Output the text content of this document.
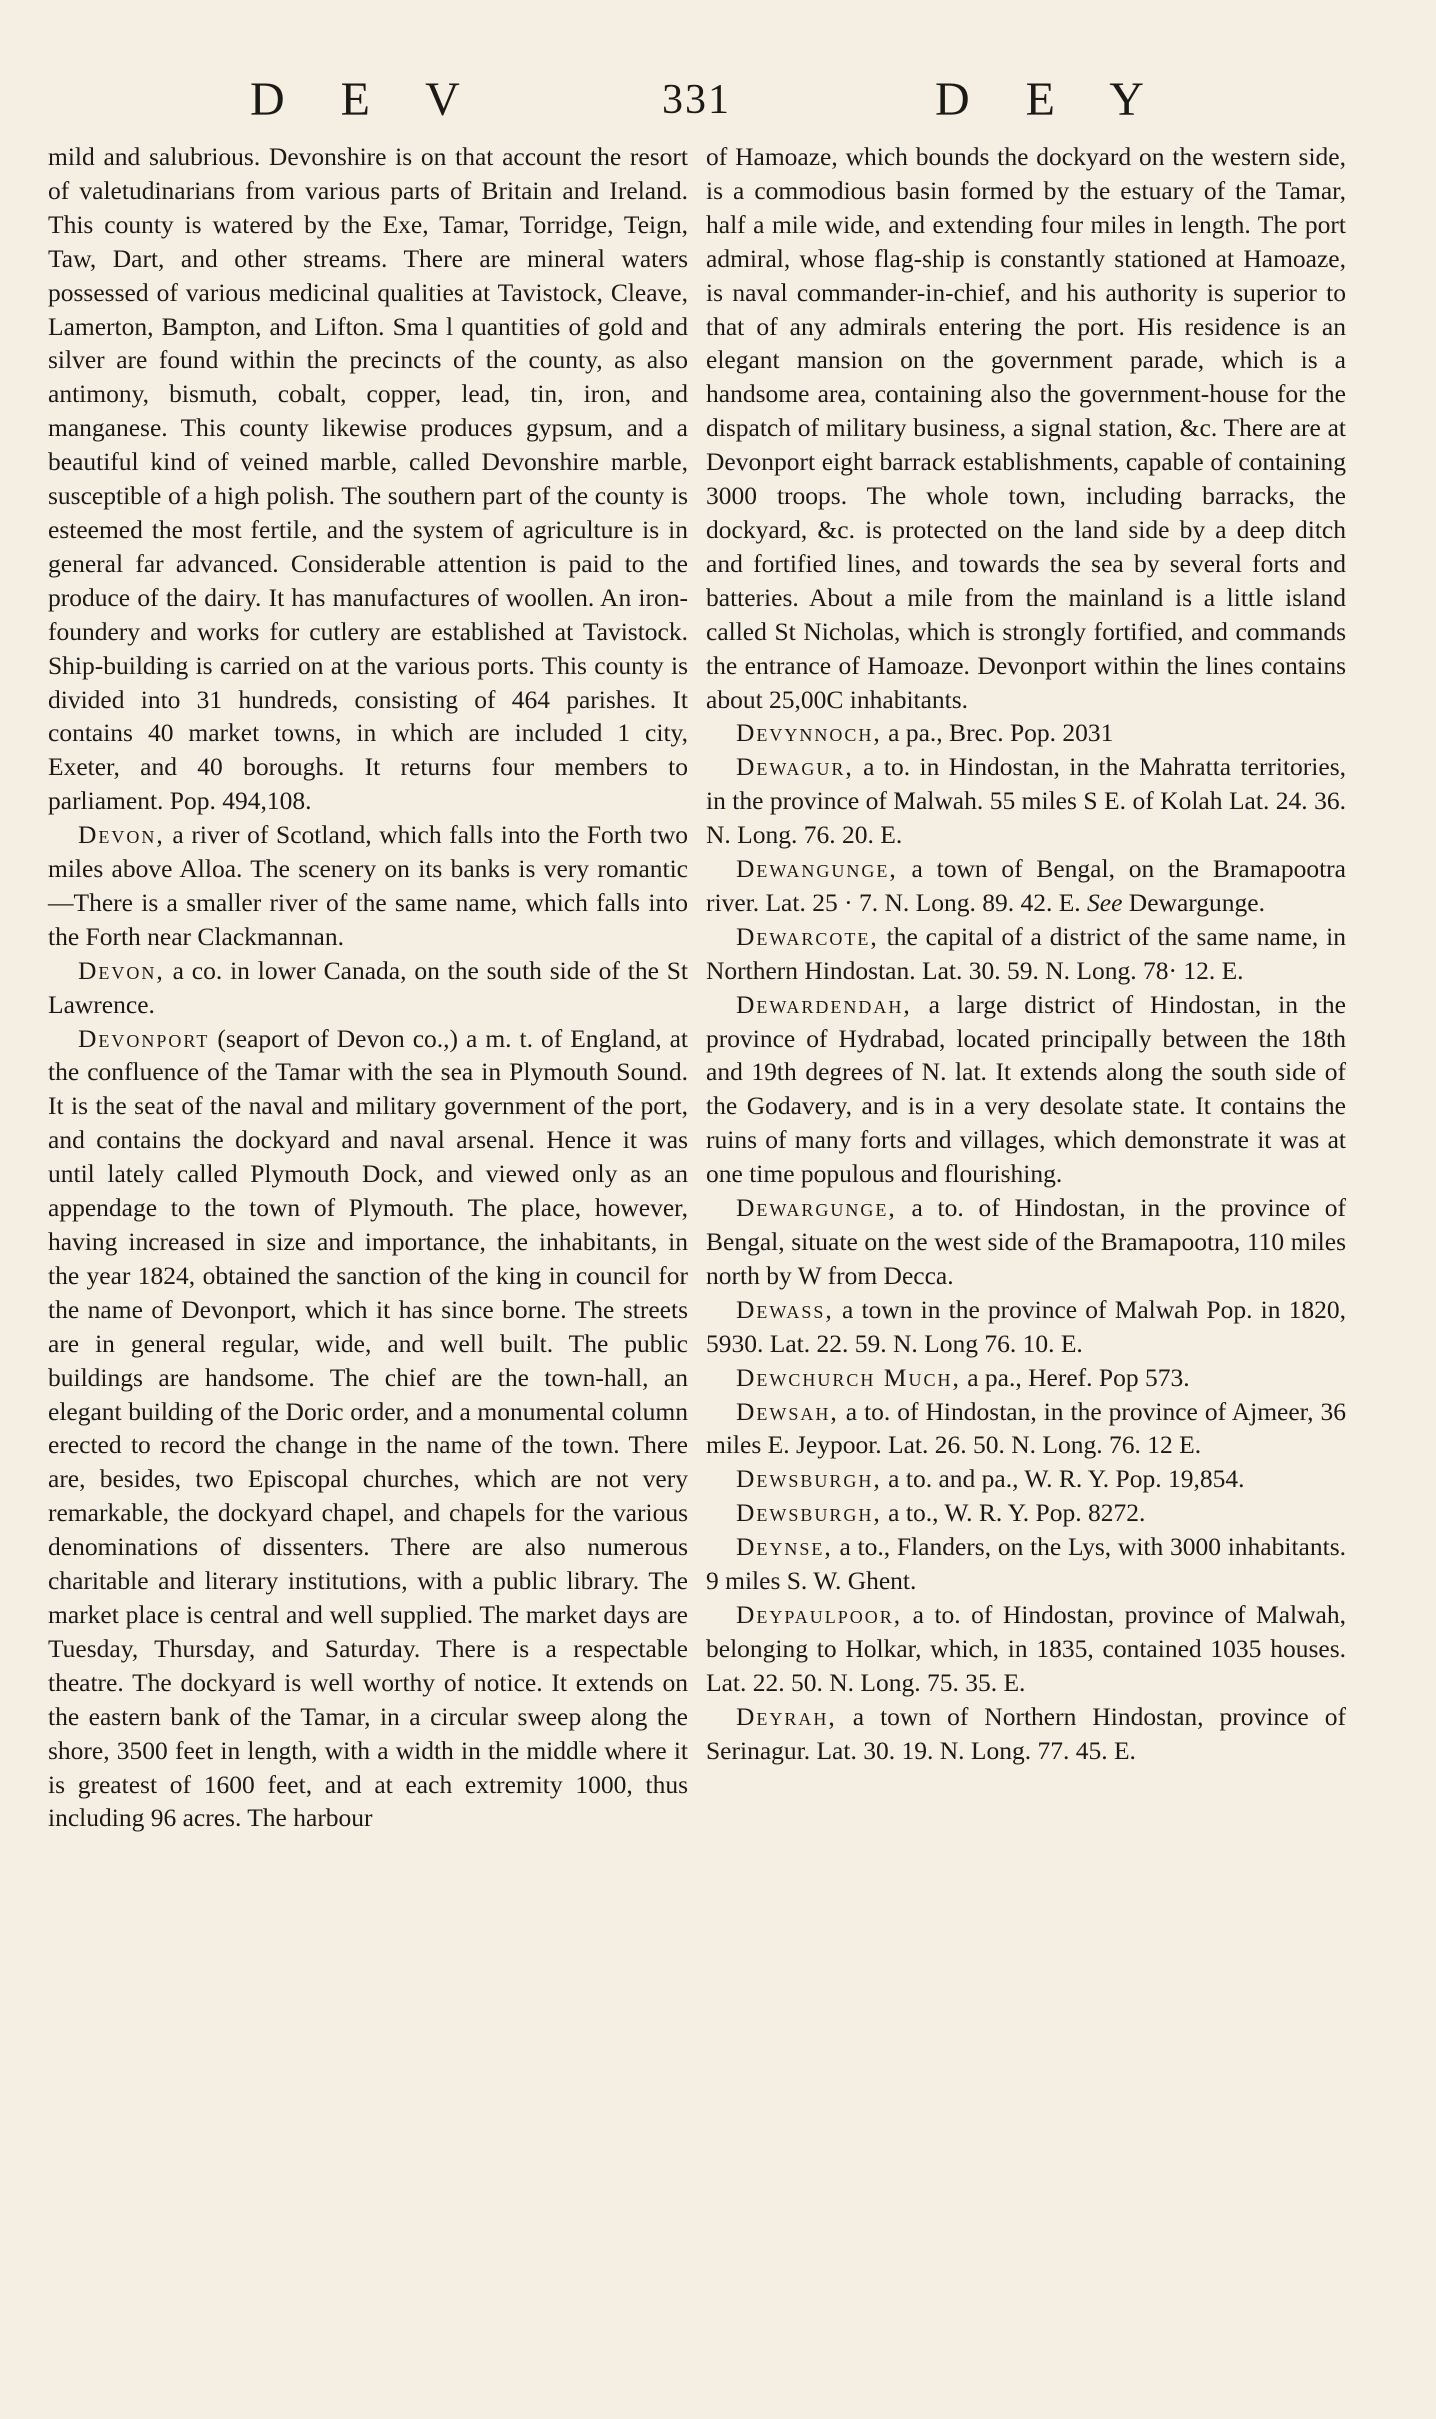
D E V	331	D E Y

mild and salubrious. Devonshire is on that account the resort of valetudinarians from various parts of Britain and Ireland. This county is watered by the Exe, Tamar, Torridge, Teign, Taw, Dart, and other streams. There are mineral waters possessed of various medicinal qualities at Tavistock, Cleave, Lamerton, Bampton, and Lifton. Sma l quantities of gold and silver are found within the precincts of the county, as also antimony, bismuth, cobalt, copper, lead, tin, iron, and manganese. This county likewise produces gypsum, and a beautiful kind of veined marble, called Devonshire marble, susceptible of a high polish. The southern part of the county is esteemed the most fertile, and the system of agriculture is in general far advanced. Considerable attention is paid to the produce of the dairy. It has manufactures of woollen. An iron-foundery and works for cutlery are established at Tavistock. Ship-building is carried on at the various ports. This county is divided into 31 hundreds, consisting of 464 parishes. It contains 40 market towns, in which are included 1 city, Exeter, and 40 boroughs. It returns four members to parliament. Pop. 494,108.

Devon, a river of Scotland, which falls into the Forth two miles above Alloa. The scenery on its banks is very romantic—There is a smaller river of the same name, which falls into the Forth near Clackmannan.

Devon, a co. in lower Canada, on the south side of the St Lawrence.

Devonport (seaport of Devon co.,) a m. t. of England, at the confluence of the Tamar with the sea in Plymouth Sound. It is the seat of the naval and military government of the port, and contains the dockyard and naval arsenal. Hence it was until lately called Plymouth Dock, and viewed only as an appendage to the town of Plymouth. The place, however, having increased in size and importance, the inhabitants, in the year 1824, obtained the sanction of the king in council for the name of Devonport, which it has since borne. The streets are in general regular, wide, and well built. The public buildings are handsome. The chief are the town-hall, an elegant building of the Doric order, and a monumental column erected to record the change in the name of the town. There are, besides, two Episcopal churches, which are not very remarkable, the dockyard chapel, and chapels for the various denominations of dissenters. There are also numerous charitable and literary institutions, with a public library. The market place is central and well supplied. The market days are Tuesday, Thursday, and Saturday. There is a respectable theatre. The dockyard is well worthy of notice. It extends on the eastern bank of the Tamar, in a circular sweep along the shore, 3500 feet in length, with a width in the middle where it is greatest of 1600 feet, and at each extremity 1000, thus including 96 acres. The harbour

of Hamoaze, which bounds the dockyard on the western side, is a commodious basin formed by the estuary of the Tamar, half a mile wide, and extending four miles in length. The port admiral, whose flag-ship is constantly stationed at Hamoaze, is naval commander-in-chief, and his authority is superior to that of any admirals entering the port. His residence is an elegant mansion on the government parade, which is a handsome area, containing also the government-house for the dispatch of military business, a signal station, &c. There are at Devonport eight barrack establishments, capable of containing 3000 troops. The whole town, including barracks, the dockyard, &c. is protected on the land side by a deep ditch and fortified lines, and towards the sea by several forts and batteries. About a mile from the mainland is a little island called St Nicholas, which is strongly fortified, and commands the entrance of Hamoaze. Devonport within the lines contains about 25,00C inhabitants.

Devynnoch, a pa., Brec. Pop. 2031

Dewagur, a to. in Hindostan, in the Mahratta territories, in the province of Malwah. 55 miles S E. of Kolah Lat. 24. 36. N. Long. 76. 20. E.

Dewangunge, a town of Bengal, on the Bramapootra river. Lat. 25 · 7. N. Long. 89. 42. E. See Dewargunge.

Dewarcote, the capital of a district of the same name, in Northern Hindostan. Lat. 30. 59. N. Long. 78· 12. E.

Dewardendah, a large district of Hindostan, in the province of Hydrabad, located principally between the 18th and 19th degrees of N. lat. It extends along the south side of the Godavery, and is in a very desolate state. It contains the ruins of many forts and villages, which demonstrate it was at one time populous and flourishing.

Dewargunge, a to. of Hindostan, in the province of Bengal, situate on the west side of the Bramapootra, 110 miles north by W from Decca.

Dewass, a town in the province of Malwah Pop. in 1820, 5930. Lat. 22. 59. N. Long 76. 10. E.

Dewchurch Much, a pa., Heref. Pop 573.

Dewsah, a to. of Hindostan, in the province of Ajmeer, 36 miles E. Jeypoor. Lat. 26. 50. N. Long. 76. 12 E.

Dewsburgh, a to. and pa., W. R. Y. Pop. 19,854.

Dewsburgh, a to., W. R. Y. Pop. 8272.

Deynse, a to., Flanders, on the Lys, with 3000 inhabitants. 9 miles S. W. Ghent.

Deypaulpoor, a to. of Hindostan, province of Malwah, belonging to Holkar, which, in 1835, contained 1035 houses. Lat. 22. 50. N. Long. 75. 35. E.

Deyrah, a town of Northern Hindostan, province of Serinagur. Lat. 30. 19. N. Long. 77. 45. E.
